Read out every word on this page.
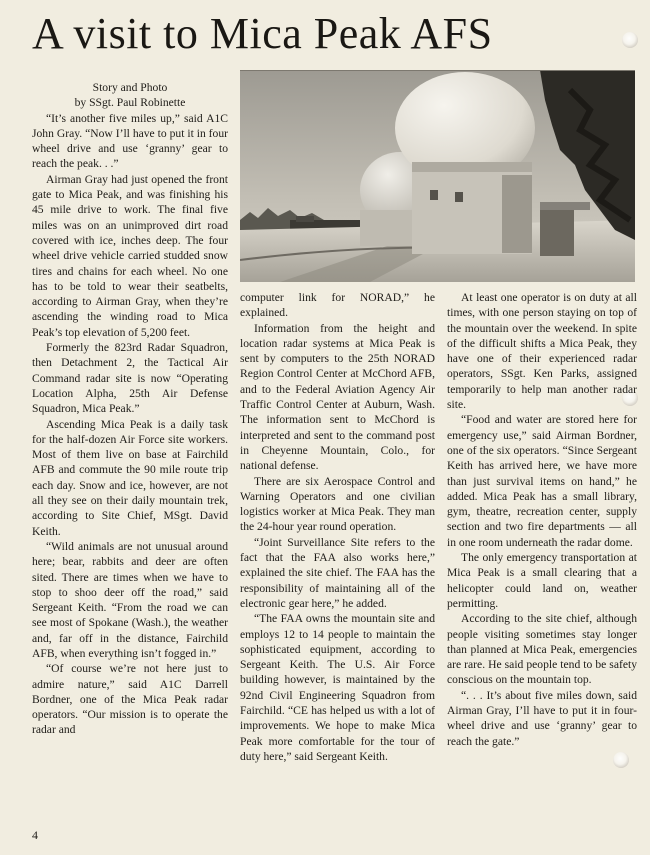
A visit to Mica Peak AFS

Story and Photo

by SSgt. Paul Robinette

“It’s another five miles up,” said A1C John Gray. “Now I’ll have to put it in four wheel drive and use ‘granny’ gear to reach the peak. . .”

Airman Gray had just opened the front gate to Mica Peak, and was finishing his 45 mile drive to work. The final five miles was on an unimproved dirt road covered with ice, inches deep. The four wheel drive vehicle carried studded snow tires and chains for each wheel. No one has to be told to wear their seatbelts, according to Airman Gray, when they’re ascending the winding road to Mica Peak’s top elevation of 5,200 feet.

Formerly the 823rd Radar Squadron, then Detachment 2, the Tactical Air Command radar site is now “Operating Location Alpha, 25th Air Defense Squadron, Mica Peak.”

Ascending Mica Peak is a daily task for the half-dozen Air Force site workers. Most of them live on base at Fairchild AFB and commute the 90 mile route trip each day. Snow and ice, however, are not all they see on their daily mountain trek, according to Site Chief, MSgt. David Keith.

“Wild animals are not unusual around here; bear, rabbits and deer are often sited. There are times when we have to stop to shoo deer off the road,” said Sergeant Keith. “From the road we can see most of Spokane (Wash.), the weather and, far off in the distance, Fairchild AFB, when everything isn’t fogged in.”

“Of course we’re not here just to admire nature,” said A1C Darrell Bordner, one of the Mica Peak radar operators. “Our mission is to operate the radar and

computer link for NORAD,” he explained.

Information from the height and location radar systems at Mica Peak is sent by computers to the 25th NORAD Region Control Center at McChord AFB, and to the Federal Aviation Agency Air Traffic Control Center at Auburn, Wash. The information sent to McChord is interpreted and sent to the command post in Cheyenne Mountain, Colo., for national defense.

There are six Aerospace Control and Warning Operators and one civilian logistics worker at Mica Peak. They man the 24-hour year round operation.

“Joint Surveillance Site refers to the fact that the FAA also works here,” explained the site chief. The FAA has the responsibility of maintaining all of the electronic gear here,” he added.

“The FAA owns the mountain site and employs 12 to 14 people to maintain the sophisticated equipment, according to Sergeant Keith. The U.S. Air Force building however, is maintained by the 92nd Civil Engineering Squadron from Fairchild. “CE has helped us with a lot of improvements. We hope to make Mica Peak more comfortable for the tour of duty here,” said Sergeant Keith.

At least one operator is on duty at all times, with one person staying on top of the mountain over the weekend. In spite of the difficult shifts a Mica Peak, they have one of their experienced radar operators, SSgt. Ken Parks, assigned temporarily to help man another radar site.

“Food and water are stored here for emergency use,” said Airman Bordner, one of the six operators. “Since Sergeant Keith has arrived here, we have more than just survival items on hand,” he added. Mica Peak has a small library, gym, theatre, recreation center, supply section and two fire departments — all in one room underneath the radar dome.

The only emergency transportation at Mica Peak is a small clearing that a helicopter could land on, weather permitting.

According to the site chief, although people visiting sometimes stay longer than planned at Mica Peak, emergencies are rare. He said people tend to be safety conscious on the mountain top.

“. . . It’s about five miles down, said Airman Gray, I’ll have to put it in four-wheel drive and use ‘granny’ gear to reach the gate.”

4
